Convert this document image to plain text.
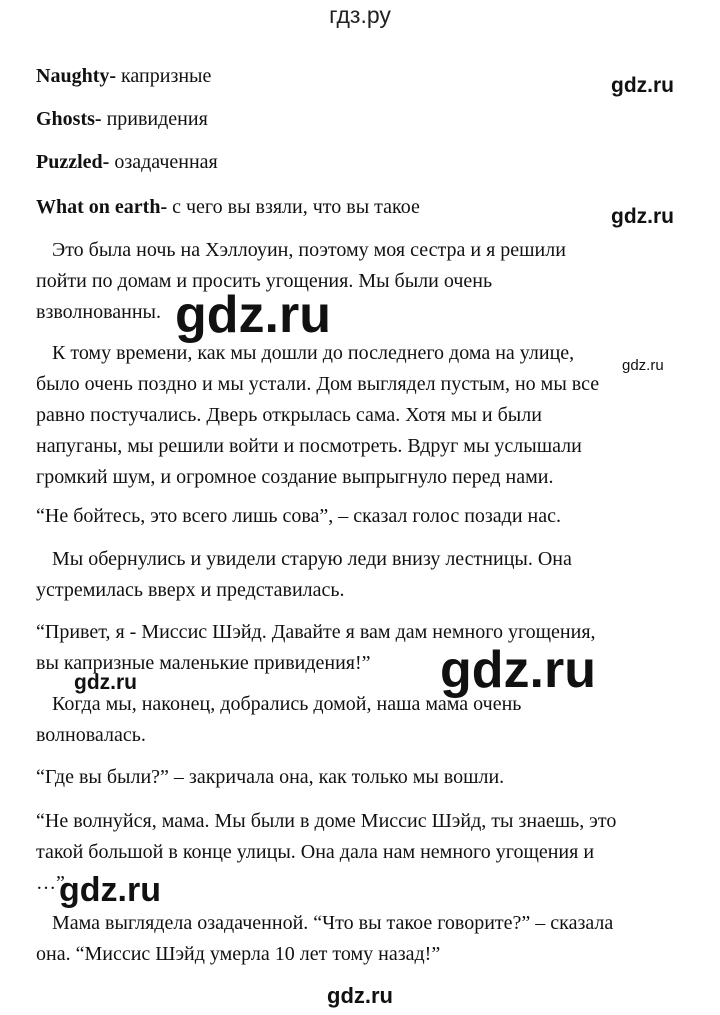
гдз.ру
Naughty- капризные
Ghosts- привидения
Puzzled- озадаченная
What on earth- с чего вы взяли, что вы такое
Это была ночь на Хэллоуин, поэтому моя сестра и я решили
пойти по домам и просить угощения. Мы были очень
взволнованны.
К тому времени, как мы дошли до последнего дома на улице,
было очень поздно и мы устали. Дом выглядел пустым, но мы все
равно постучались. Дверь открылась сама. Хотя мы и были
напуганы, мы решили войти и посмотреть. Вдруг мы услышали
громкий шум, и огромное создание выпрыгнуло перед нами.
“Не бойтесь, это всего лишь сова”, – сказал голос позади нас.
Мы обернулись и увидели старую леди внизу лестницы. Она
устремилась вверх и представилась.
“Привет, я - Миссис Шэйд. Давайте я вам дам немного угощения,
вы капризные маленькие привидения!”
Когда мы, наконец, добрались домой, наша мама очень
волновалась.
“Где вы были?” – закричала она, как только мы вошли.
“Не волнуйся, мама. Мы были в доме Миссис Шэйд, ты знаешь, это
такой большой в конце улицы. Она дала нам немного угощения и
…”
Мама выглядела озадаченной. “Что вы такое говорите?” – сказала
она. “Миссис Шэйд умерла 10 лет тому назад!”
gdz.ru
gdz.ru
gdz.ru
gdz.ru
gdz.ru
gdz.ru
gdz.ru
gdz.ru
